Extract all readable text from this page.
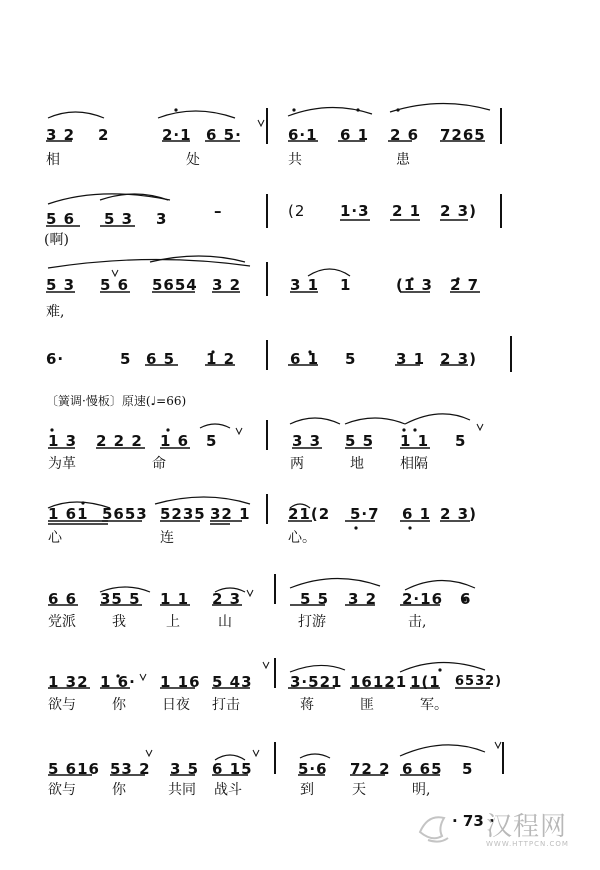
3 2 2	2·1 6 5·	6·1 6 1 2 6 7265
相	处	共	患
5 6 5 3 3	–	(2 1·3 2 1 2 3)
(啊)
5 3 5 6 5654 3 2	3 1 1	(1 3 2 7
难,
6·	5 6 5 1 2	6 1 5	3 1 2 3)
〔簧调·慢板〕原速(♩=66)
1 3 2 2 2 1 6 5	3 3 5 5 1 1 5
为革	命	两	地	相隔
1 61 5653 5235 32 1 21(2 5·7 6 1 2 3)
心	连	心。
6 6 35 5 1 1 2 3	5 5 3 2 2·16 6
党派	我	上	山	打游	击,
1 32 1 6· 1 16 5 43 3·521 16121 1(1 6532)
欲与	你	日夜 打击	蒋	匪	军。
5 616 53 2 3 5 6 15	5·6 72 2 6 65 5
欲与	你	共同 战斗	到	天	明,
· 73 ·
汉程网
WWW.HTTPCN.COM
